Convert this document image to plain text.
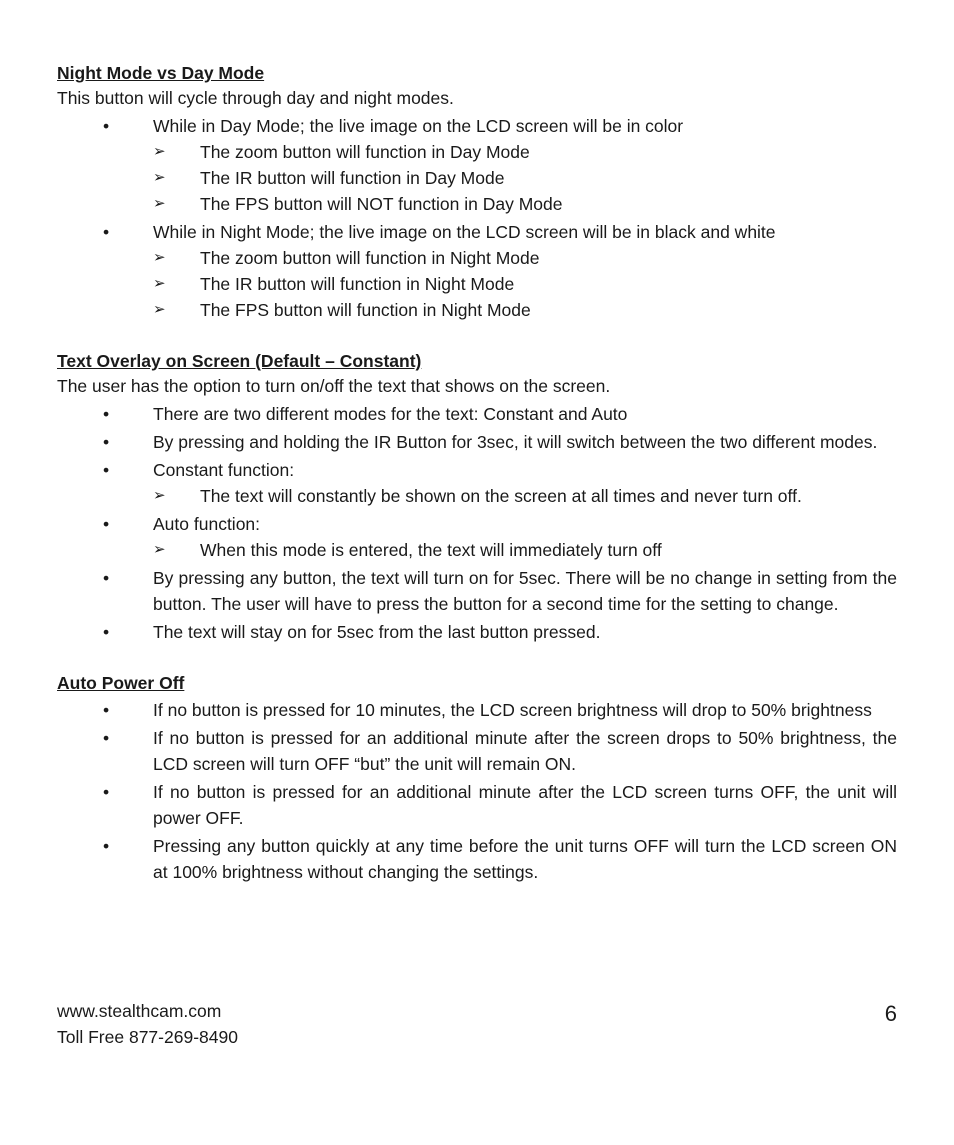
Night Mode vs Day Mode

This button will cycle through day and night modes.

•	While in Day Mode; the live image on the LCD screen will be in color
➢ The zoom button will function in Day Mode
➢ The IR button will function in Day Mode
➢ The FPS button will NOT function in Day Mode
•	While in Night Mode; the live image on the LCD screen will be in black and white
➢ The zoom button will function in Night Mode
➢ The IR button will function in Night Mode
➢ The FPS button will function in Night Mode

Text Overlay on Screen (Default – Constant)

The user has the option to turn on/off the text that shows on the screen.

•	There are two different modes for the text: Constant and Auto
•	By pressing and holding the IR Button for 3sec, it will switch between the two different modes.
•	Constant function:
➢ The text will constantly be shown on the screen at all times and never turn off.
•	Auto function:
➢ When this mode is entered, the text will immediately turn off
•	By pressing any button, the text will turn on for 5sec. There will be no change in setting from the button. The user will have to press the button for a second time for the setting to change.
•	The text will stay on for 5sec from the last button pressed.

Auto Power Off

•	If no button is pressed for 10 minutes, the LCD screen brightness will drop to 50% brightness
•	If no button is pressed for an additional minute after the screen drops to 50% brightness, the LCD screen will turn OFF “but” the unit will remain ON.
•	If no button is pressed for an additional minute after the LCD screen turns OFF, the unit will power OFF.
•	Pressing any button quickly at any time before the unit turns OFF will turn the LCD screen ON at 100% brightness without changing the settings.
www.stealthcam.com
Toll Free 877-269-8490
6
